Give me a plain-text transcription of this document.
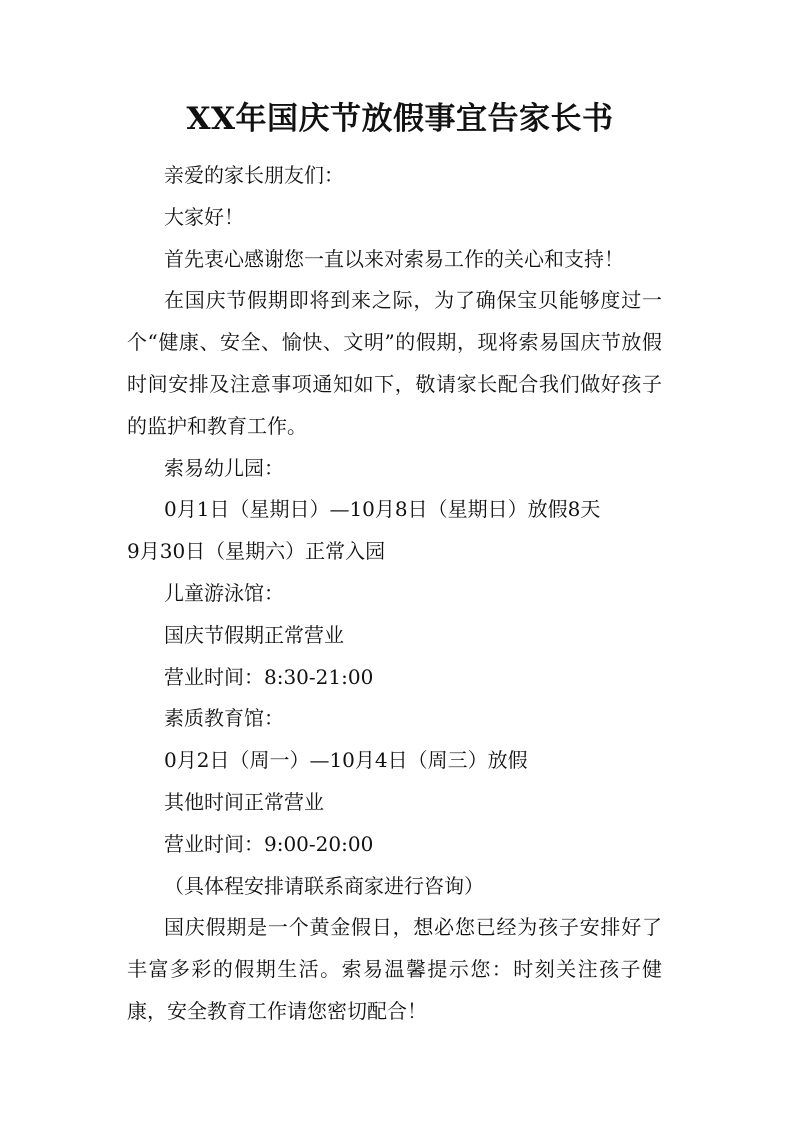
XX年国庆节放假事宜告家长书

亲爱的家长朋友们：

大家好！

首先衷心感谢您一直以来对索易工作的关心和支持！

在国庆节假期即将到来之际，为了确保宝贝能够度过一个“健康、安全、愉快、文明”的假期，现将索易国庆节放假时间安排及注意事项通知如下，敬请家长配合我们做好孩子的监护和教育工作。

索易幼儿园：

0月1日（星期日）—10月8日（星期日）放假8天

9月30日（星期六）正常入园

儿童游泳馆：

国庆节假期正常营业

营业时间：8:30-21:00

素质教育馆：

0月2日（周一）—10月4日（周三）放假

其他时间正常营业

营业时间：9:00-20:00

（具体程安排请联系商家进行咨询）

国庆假期是一个黄金假日，想必您已经为孩子安排好了丰富多彩的假期生活。索易温馨提示您：时刻关注孩子健康，安全教育工作请您密切配合！
